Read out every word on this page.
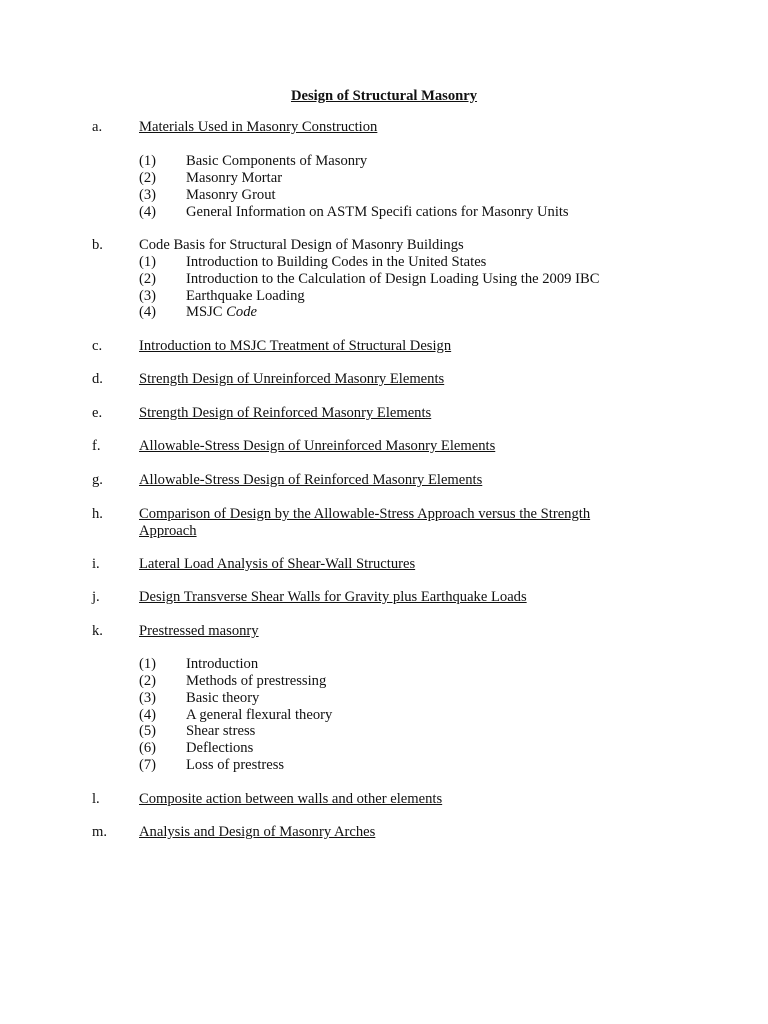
Design of Structural Masonry
a.	Materials Used in Masonry Construction
(1) Basic Components of Masonry
(2) Masonry Mortar
(3) Masonry Grout
(4) General Information on ASTM Specifi cations for Masonry Units
b. Code Basis for Structural Design of Masonry Buildings
(1) Introduction to Building Codes in the United States
(2) Introduction to the Calculation of Design Loading Using the 2009 IBC
(3) Earthquake Loading
(4) MSJC Code
c.	Introduction to MSJC Treatment of Structural Design
d. Strength Design of Unreinforced Masonry Elements
e.	Strength Design of Reinforced Masonry Elements
f.	Allowable-Stress Design of Unreinforced Masonry Elements
g. Allowable-Stress Design of Reinforced Masonry Elements
h. Comparison of Design by the Allowable-Stress Approach versus the Strength
Approach
i.	Lateral Load Analysis of Shear-Wall Structures
j.	Design Transverse Shear Walls for Gravity plus Earthquake Loads
k. Prestressed masonry
(1) Introduction
(2) Methods of prestressing
(3) Basic theory
(4) A general flexural theory
(5) Shear stress
(6) Deflections
(7) Loss of prestress
l.	Composite action between walls and other elements
m. Analysis and Design of Masonry Arches
